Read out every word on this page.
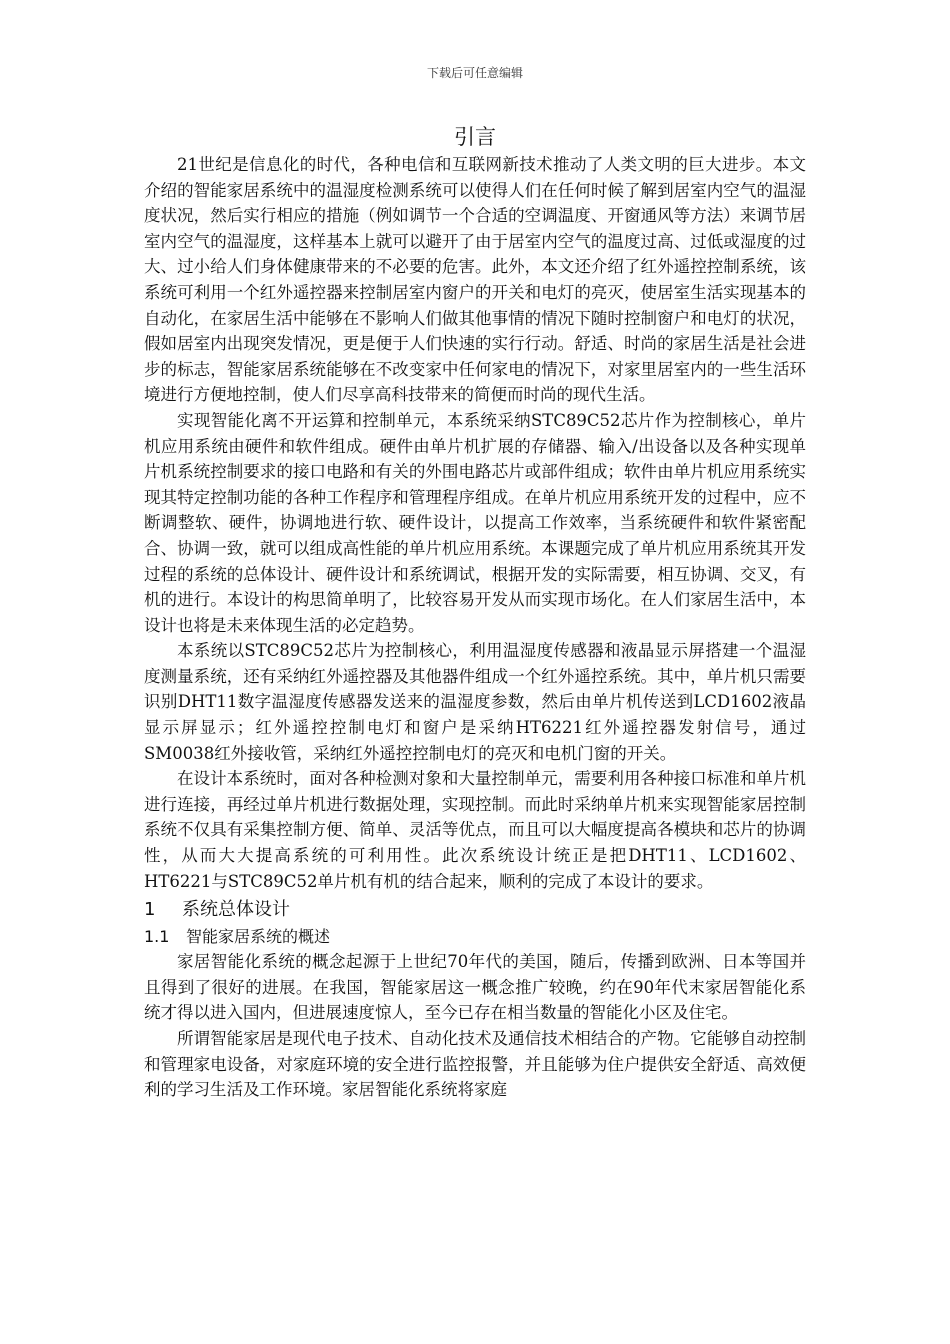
下载后可任意编辑
引言

21世纪是信息化的时代，各种电信和互联网新技术推动了人类文明的巨大进步。本文介绍的智能家居系统中的温湿度检测系统可以使得人们在任何时候了解到居室内空气的温湿度状况，然后实行相应的措施（例如调节一个合适的空调温度、开窗通风等方法）来调节居室内空气的温湿度，这样基本上就可以避开了由于居室内空气的温度过高、过低或湿度的过大、过小给人们身体健康带来的不必要的危害。此外，本文还介绍了红外遥控控制系统，该系统可利用一个红外遥控器来控制居室内窗户的开关和电灯的亮灭，使居室生活实现基本的自动化，在家居生活中能够在不影响人们做其他事情的情况下随时控制窗户和电灯的状况，假如居室内出现突发情况，更是便于人们快速的实行行动。舒适、时尚的家居生活是社会进步的标志，智能家居系统能够在不改变家中任何家电的情况下，对家里居室内的一些生活环境进行方便地控制，使人们尽享高科技带来的简便而时尚的现代生活。

实现智能化离不开运算和控制单元，本系统采纳STC89C52芯片作为控制核心，单片机应用系统由硬件和软件组成。硬件由单片机扩展的存储器、输入/出设备以及各种实现单片机系统控制要求的接口电路和有关的外围电路芯片或部件组成；软件由单片机应用系统实现其特定控制功能的各种工作程序和管理程序组成。在单片机应用系统开发的过程中，应不断调整软、硬件，协调地进行软、硬件设计，以提高工作效率，当系统硬件和软件紧密配合、协调一致，就可以组成高性能的单片机应用系统。本课题完成了单片机应用系统其开发过程的系统的总体设计、硬件设计和系统调试，根据开发的实际需要，相互协调、交叉，有机的进行。本设计的构思简单明了，比较容易开发从而实现市场化。在人们家居生活中，本设计也将是未来体现生活的必定趋势。

本系统以STC89C52芯片为控制核心，利用温湿度传感器和液晶显示屏搭建一个温湿度测量系统，还有采纳红外遥控器及其他器件组成一个红外遥控系统。其中，单片机只需要识别DHT11数字温湿度传感器发送来的温湿度参数，然后由单片机传送到LCD1602液晶显示屏显示；红外遥控控制电灯和窗户是采纳HT6221红外遥控器发射信号，通过SM0038红外接收管，采纳红外遥控控制电灯的亮灭和电机门窗的开关。

在设计本系统时，面对各种检测对象和大量控制单元，需要利用各种接口标准和单片机进行连接，再经过单片机进行数据处理，实现控制。而此时采纳单片机来实现智能家居控制系统不仅具有采集控制方便、简单、灵活等优点，而且可以大幅度提高各模块和芯片的协调性，从而大大提高系统的可利用性。此次系统设计统正是把DHT11、LCD1602、HT6221与STC89C52单片机有机的结合起来，顺利的完成了本设计的要求。

1	系统总体设计
1.1	智能家居系统的概述

家居智能化系统的概念起源于上世纪70年代的美国，随后，传播到欧洲、日本等国并且得到了很好的进展。在我国，智能家居这一概念推广较晚，约在90年代末家居智能化系统才得以进入国内，但进展速度惊人，至今已存在相当数量的智能化小区及住宅。

所谓智能家居是现代电子技术、自动化技术及通信技术相结合的产物。它能够自动控制和管理家电设备，对家庭环境的安全进行监控报警，并且能够为住户提供安全舒适、高效便利的学习生活及工作环境。家居智能化系统将家庭
